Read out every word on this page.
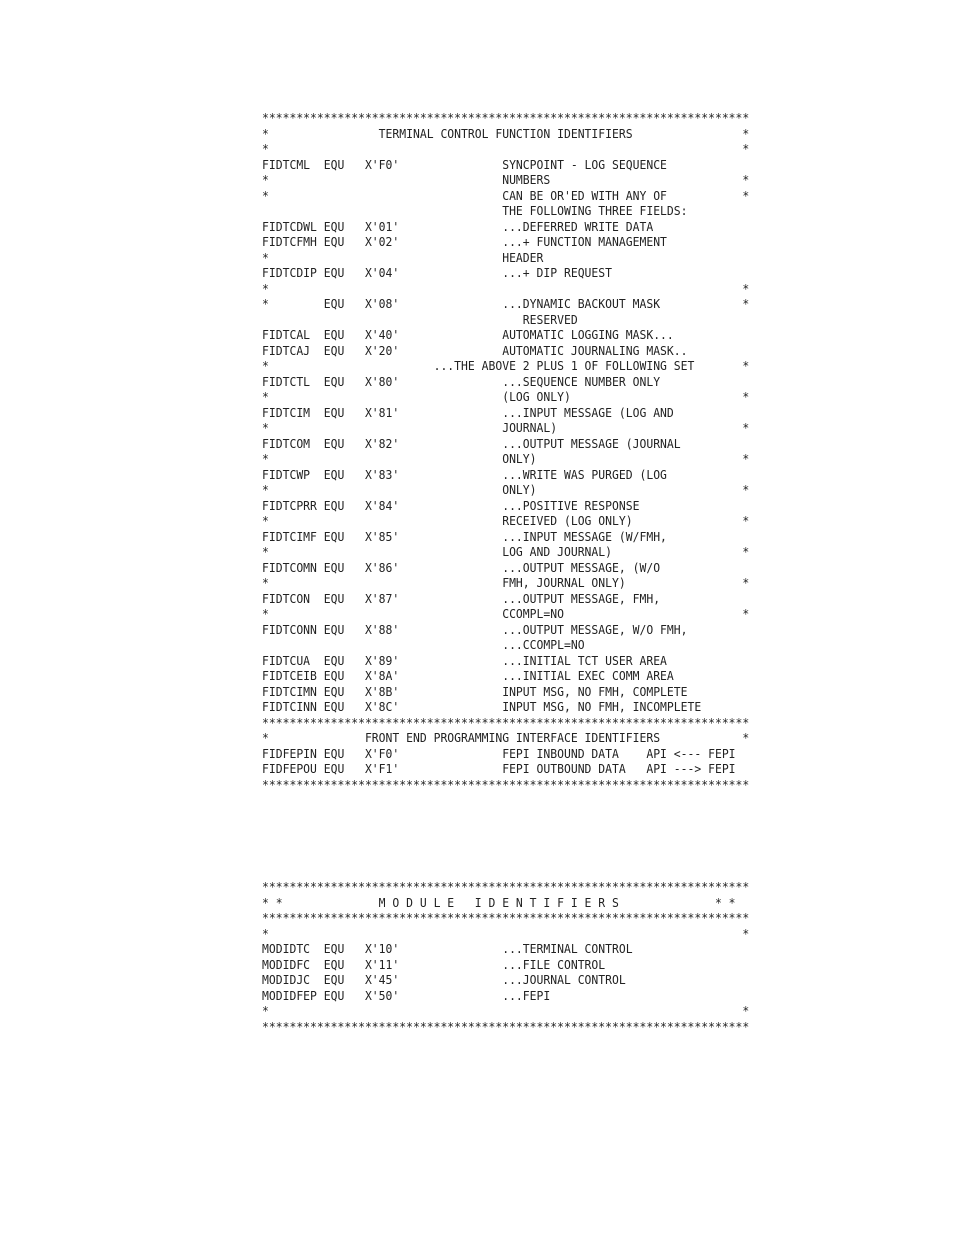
***********************************************************************
*                TERMINAL CONTROL FUNCTION IDENTIFIERS                *
*                                                                     *
FIDTCML  EQU   X'F0'               SYNCPOINT - LOG SEQUENCE
*                                  NUMBERS                            *
*                                  CAN BE OR'ED WITH ANY OF           *
THE FOLLOWING THREE FIELDS:
FIDTCDWL EQU   X'01'               ...DEFERRED WRITE DATA
FIDTCFMH EQU   X'02'               ...+ FUNCTION MANAGEMENT
*                                  HEADER
FIDTCDIP EQU   X'04'               ...+ DIP REQUEST
*                                                                     *
*        EQU   X'08'               ...DYNAMIC BACKOUT MASK            *
RESERVED
FIDTCAL  EQU   X'40'               AUTOMATIC LOGGING MASK...
FIDTCAJ  EQU   X'20'               AUTOMATIC JOURNALING MASK..
*                        ...THE ABOVE 2 PLUS 1 OF FOLLOWING SET       *
FIDTCTL  EQU   X'80'               ...SEQUENCE NUMBER ONLY
*                                  (LOG ONLY)                         *
FIDTCIM  EQU   X'81'               ...INPUT MESSAGE (LOG AND
*                                  JOURNAL)                           *
FIDTCOM  EQU   X'82'               ...OUTPUT MESSAGE (JOURNAL
*                                  ONLY)                              *
FIDTCWP  EQU   X'83'               ...WRITE WAS PURGED (LOG
*                                  ONLY)                              *
FIDTCPRR EQU   X'84'               ...POSITIVE RESPONSE
*                                  RECEIVED (LOG ONLY)                *
FIDTCIMF EQU   X'85'               ...INPUT MESSAGE (W/FMH,
*                                  LOG AND JOURNAL)                   *
FIDTCOMN EQU   X'86'               ...OUTPUT MESSAGE, (W/O
*                                  FMH, JOURNAL ONLY)                 *
FIDTCON  EQU   X'87'               ...OUTPUT MESSAGE, FMH,
*                                  CCOMPL=NO                          *
FIDTCONN EQU   X'88'               ...OUTPUT MESSAGE, W/O FMH,
...CCOMPL=NO
FIDTCUA  EQU   X'89'               ...INITIAL TCT USER AREA
FIDTCEIB EQU   X'8A'               ...INITIAL EXEC COMM AREA
FIDTCIMN EQU   X'8B'               INPUT MSG, NO FMH, COMPLETE
FIDTCINN EQU   X'8C'               INPUT MSG, NO FMH, INCOMPLETE
***********************************************************************
*              FRONT END PROGRAMMING INTERFACE IDENTIFIERS            *
FIDFEPIN EQU   X'F0'               FEPI INBOUND DATA    API <--- FEPI
FIDFEPOU EQU   X'F1'               FEPI OUTBOUND DATA   API ---> FEPI
***********************************************************************
***********************************************************************
* *              M O D U L E   I D E N T I F I E R S              * *
***********************************************************************
*                                                                     *
MODIDTC  EQU   X'10'               ...TERMINAL CONTROL
MODIDFC  EQU   X'11'               ...FILE CONTROL
MODIDJC  EQU   X'45'               ...JOURNAL CONTROL
MODIDFEP EQU   X'50'               ...FEPI
*                                                                     *
***********************************************************************
